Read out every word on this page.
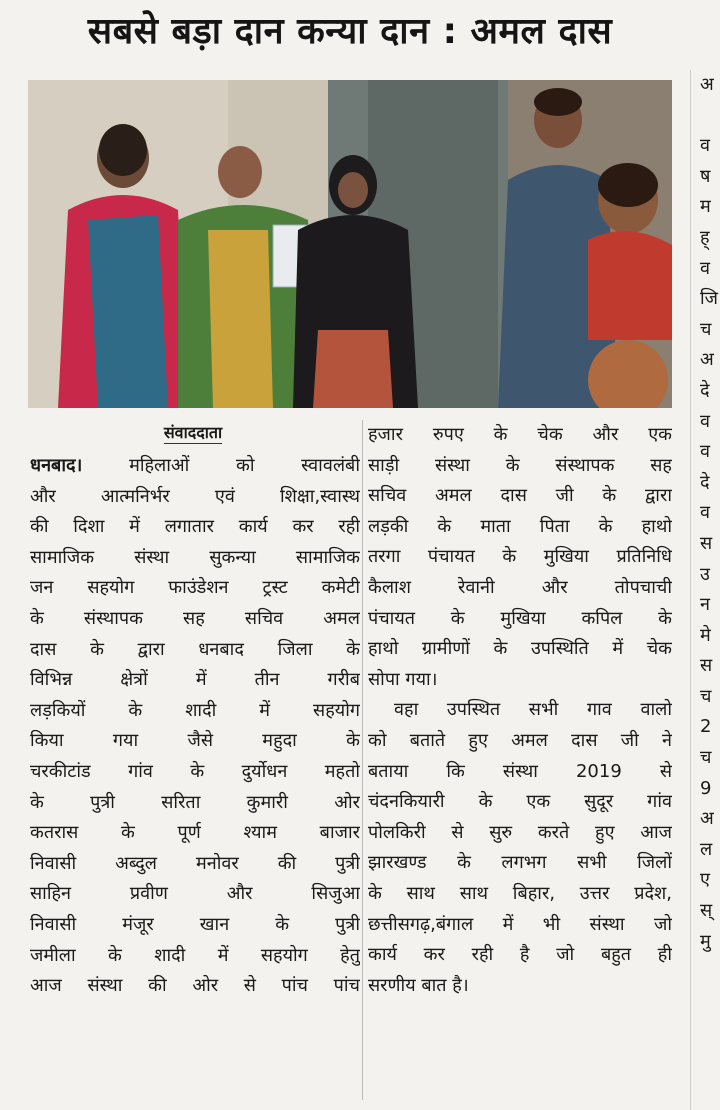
सबसे बड़ा दान कन्या दान : अमल दास
संवाददाता
धनबाद। महिलाओं को स्वावलंबी
और आत्मनिर्भर एवं शिक्षा,स्वास्थ
की दिशा में लगातार कार्य कर रही
सामाजिक संस्था सुकन्या सामाजिक
जन सहयोग फाउंडेशन ट्रस्ट कमेटी
के संस्थापक सह सचिव अमल
दास के द्वारा धनबाद जिला के
विभिन्न क्षेत्रों में तीन गरीब
लड़कियों के शादी में सहयोग
किया गया जैसे महुदा के
चरकीटांड गांव के दुर्योधन महतो
के पुत्री सरिता कुमारी ओर
कतरास के पूर्ण श्याम बाजार
निवासी अब्दुल मनोवर की पुत्री
साहिन प्रवीण और सिजुआ
निवासी मंजूर खान के पुत्री
जमीला के शादी में सहयोग हेतु
आज संस्था की ओर से पांच पांच
हजार रुपए के चेक और एक
साड़ी संस्था के संस्थापक सह
सचिव अमल दास जी के द्वारा
लड़की के माता पिता के हाथो
तरगा पंचायत के मुखिया प्रतिनिधि
कैलाश रेवानी और तोपचाची
पंचायत के मुखिया कपिल के
हाथो ग्रामीणों के उपस्थिति में चेक
सोपा गया।
वहा उपस्थित सभी गाव वालो
को बताते हुए अमल दास जी ने
बताया कि संस्था 2019 से
चंदनकियारी के एक सुदूर गांव
पोलकिरी से सुरु करते हुए आज
झारखण्ड के लगभग सभी जिलों
के साथ साथ बिहार, उत्तर प्रदेश,
छत्तीसगढ़,बंगाल में भी संस्था जो
कार्य कर रही है जो बहुत ही
सरणीय बात है।
अ
व
ष
म
ह्
व
जि
च
अ
दे
व
व
दे
व
स
उ
न
मे
स
च
2
च
9
अ
ल
ए
स्
मु
